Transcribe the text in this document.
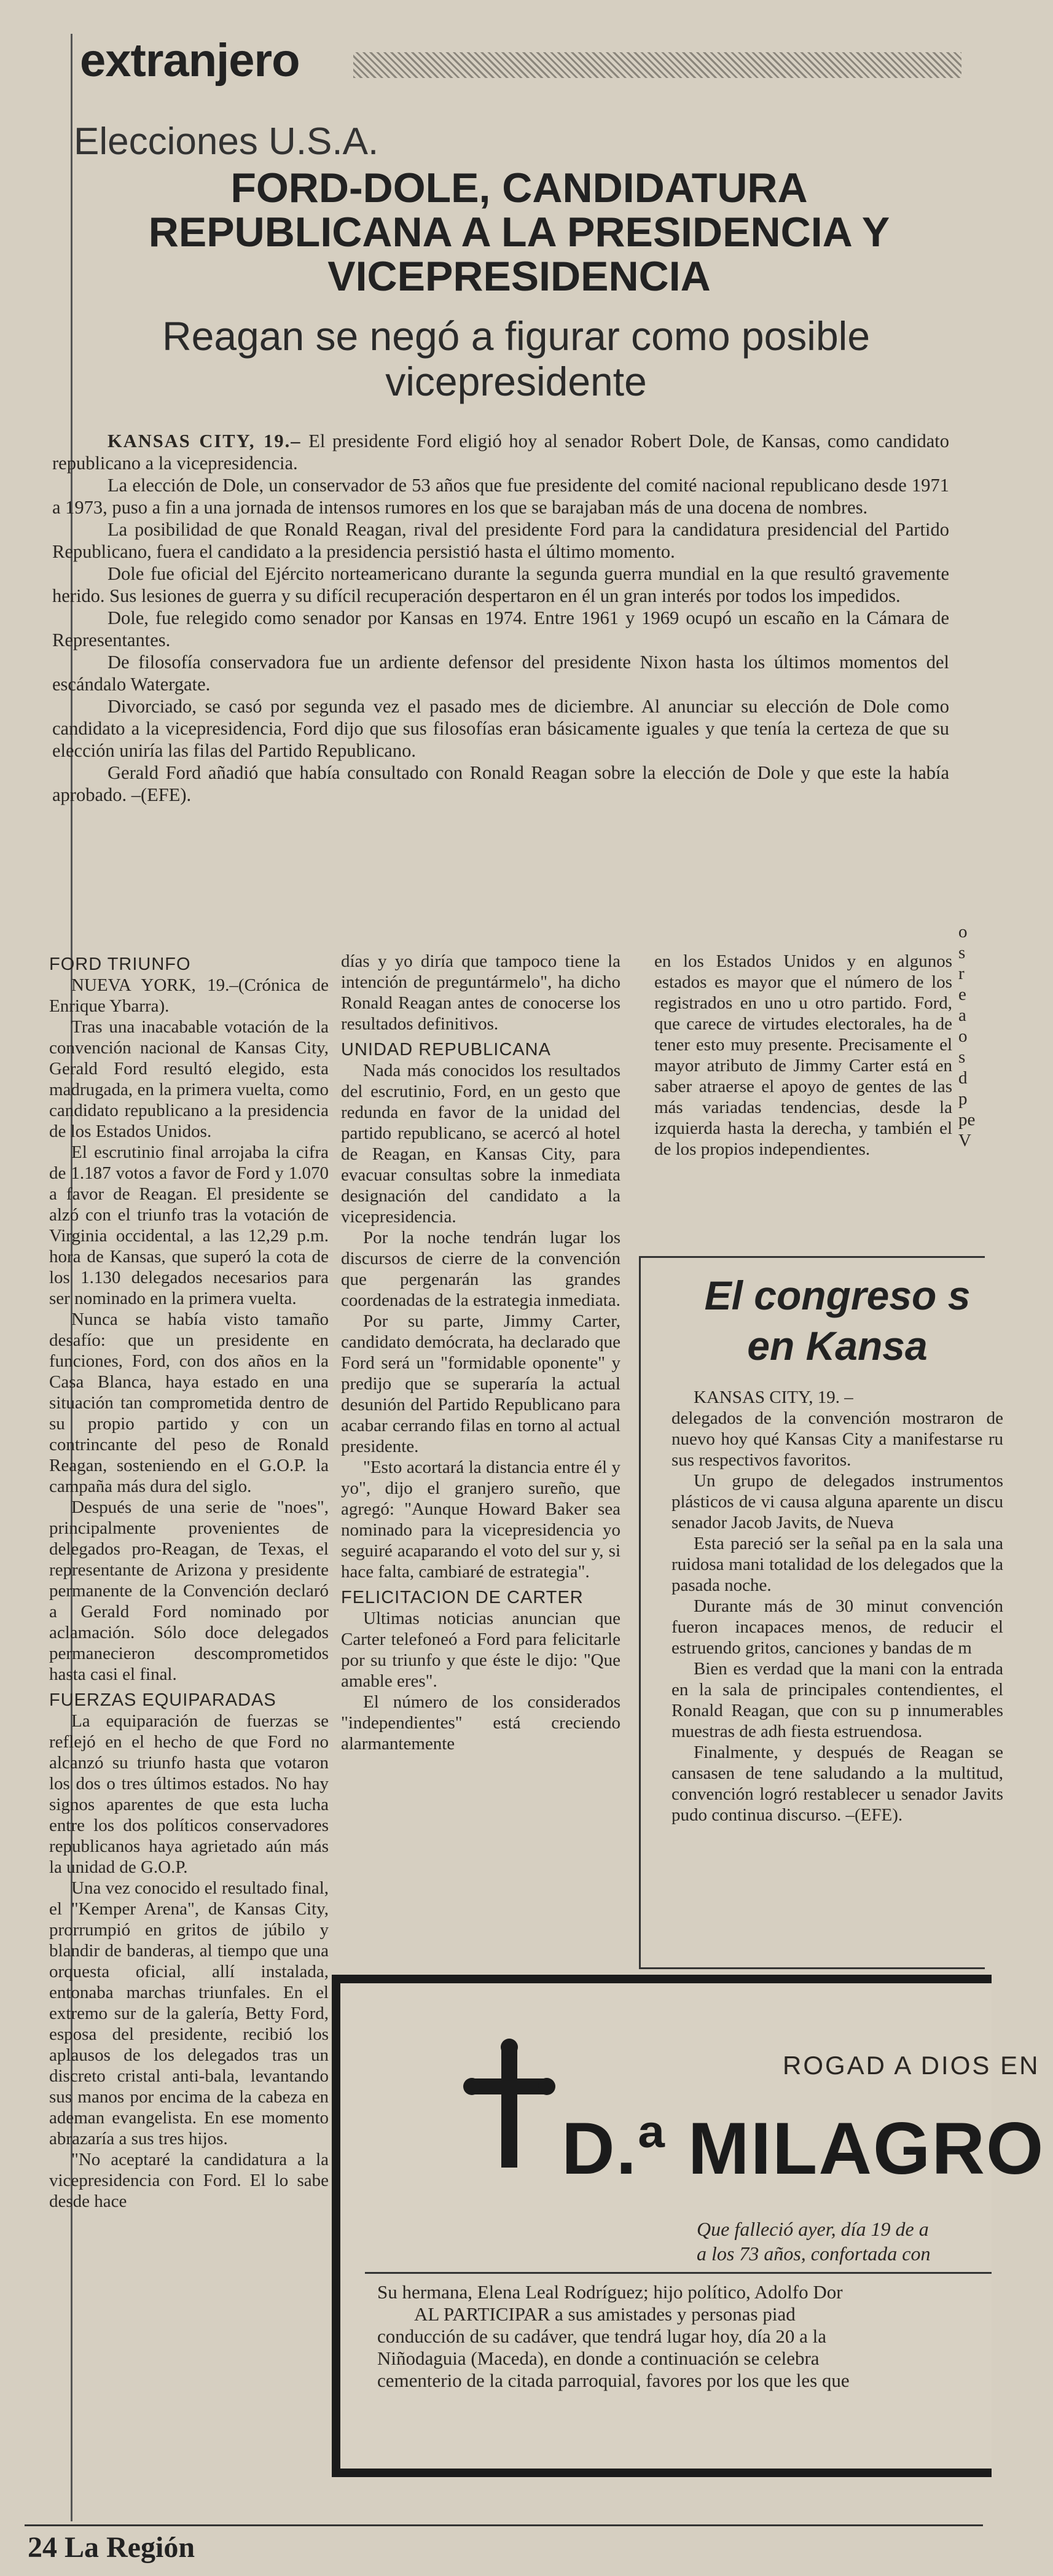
extranjero
Elecciones U.S.A.
FORD-DOLE, CANDIDATURA REPUBLICANA A LA PRESIDENCIA Y VICEPRESIDENCIA
Reagan se negó a figurar como posible vicepresidente

KANSAS CITY, 19.– El presidente Ford eligió hoy al senador Robert Dole, de Kansas, como candidato republicano a la vicepresidencia.

La elección de Dole, un conservador de 53 años que fue presidente del comité nacional republicano desde 1971 a 1973, puso a fin a una jornada de intensos rumores en los que se barajaban más de una docena de nombres.

La posibilidad de que Ronald Reagan, rival del presidente Ford para la candidatura presidencial del Partido Republicano, fuera el candidato a la presidencia persistió hasta el último momento.

Dole fue oficial del Ejército norteamericano durante la segunda guerra mundial en la que resultó gravemente herido. Sus lesiones de guerra y su difícil recuperación despertaron en él un gran interés por todos los impedidos.

Dole, fue relegido como senador por Kansas en 1974. Entre 1961 y 1969 ocupó un escaño en la Cámara de Representantes.

De filosofía conservadora fue un ardiente defensor del presidente Nixon hasta los últimos momentos del escándalo Watergate.

Divorciado, se casó por segunda vez el pasado mes de diciembre. Al anunciar su elección de Dole como candidato a la vicepresidencia, Ford dijo que sus filosofías eran básicamente iguales y que tenía la certeza de que su elección uniría las filas del Partido Republicano.

Gerald Ford añadió que había consultado con Ronald Reagan sobre la elección de Dole y que este la había aprobado. –(EFE).

FORD TRIUNFO

NUEVA YORK, 19.–(Crónica de Enrique Ybarra).

Tras una inacabable votación de la convención nacional de Kansas City, Gerald Ford resultó elegido, esta madrugada, en la primera vuelta, como candidato republicano a la presidencia de los Estados Unidos.

El escrutinio final arrojaba la cifra de 1.187 votos a favor de Ford y 1.070 a favor de Reagan. El presidente se alzó con el triunfo tras la votación de Virginia occidental, a las 12,29 p.m. hora de Kansas, que superó la cota de los 1.130 delegados necesarios para ser nominado en la primera vuelta.

Nunca se había visto tamaño desafío: que un presidente en funciones, Ford, con dos años en la Casa Blanca, haya estado en una situación tan comprometida dentro de su propio partido y con un contrincante del peso de Ronald Reagan, sosteniendo en el G.O.P. la campaña más dura del siglo.

Después de una serie de "noes", principalmente provenientes de delegados pro-Reagan, de Texas, el representante de Arizona y presidente permanente de la Convención declaró a Gerald Ford nominado por aclamación. Sólo doce delegados permanecieron descomprometidos hasta casi el final.

FUERZAS EQUIPARADAS

La equiparación de fuerzas se reflejó en el hecho de que Ford no alcanzó su triunfo hasta que votaron los dos o tres últimos estados. No hay signos aparentes de que esta lucha entre los dos políticos conservadores republicanos haya agrietado aún más la unidad de G.O.P.

Una vez conocido el resultado final, el "Kemper Arena", de Kansas City, prorrumpió en gritos de júbilo y blandir de banderas, al tiempo que una orquesta oficial, allí instalada, entonaba marchas triunfales. En el extremo sur de la galería, Betty Ford, esposa del presidente, recibió los aplausos de los delegados tras un discreto cristal anti-bala, levantando sus manos por encima de la cabeza en ademan evangelista. En ese momento abrazaría a sus tres hijos.

"No aceptaré la candidatura a la vicepresidencia con Ford. El lo sabe desde hace

días y yo diría que tampoco tiene la intención de preguntármelo", ha dicho Ronald Reagan antes de conocerse los resultados definitivos.

UNIDAD REPUBLICANA

Nada más conocidos los resultados del escrutinio, Ford, en un gesto que redunda en favor de la unidad del partido republicano, se acercó al hotel de Reagan, en Kansas City, para evacuar consultas sobre la inmediata designación del candidato a la vicepresidencia.

Por la noche tendrán lugar los discursos de cierre de la convención que pergenarán las grandes coordenadas de la estrategia inmediata.

Por su parte, Jimmy Carter, candidato demócrata, ha declarado que Ford será un "formidable oponente" y predijo que se superaría la actual desunión del Partido Republicano para acabar cerrando filas en torno al actual presidente.

"Esto acortará la distancia entre él y yo", dijo el granjero sureño, que agregó: "Aunque Howard Baker sea nominado para la vicepresidencia yo seguiré acaparando el voto del sur y, si hace falta, cambiaré de estrategia".

FELICITACION DE CARTER

Ultimas noticias anuncian que Carter telefoneó a Ford para felicitarle por su triunfo y que éste le dijo: "Que amable eres".

El número de los considerados "independientes" está creciendo alarmantemente

en los Estados Unidos y en algunos estados es mayor que el número de los registrados en uno u otro partido. Ford, que carece de virtudes electorales, ha de tener esto muy presente. Precisamente el mayor atributo de Jimmy Carter está en saber atraerse el apoyo de gentes de las más variadas tendencias, desde la izquierda hasta la derecha, y también el de los propios independientes.

o
s
r
e
a
o
s
d
p
pe
V
El congreso s
en Kansa

KANSAS CITY, 19. –

delegados de la convención mostraron de nuevo hoy qué Kansas City a manifestarse ru sus respectivos favoritos.

Un grupo de delegados instrumentos plásticos de vi causa alguna aparente un discu senador Jacob Javits, de Nueva

Esta pareció ser la señal pa en la sala una ruidosa mani totalidad de los delegados que la pasada noche.

Durante más de 30 minut convención fueron incapaces menos, de reducir el estruendo gritos, canciones y bandas de m

Bien es verdad que la mani con la entrada en la sala de principales contendientes, el Ronald Reagan, que con su p innumerables muestras de adh fiesta estruendosa.

Finalmente, y después de Reagan se cansasen de tene saludando a la multitud, convención logró restablecer u senador Javits pudo continua discurso. –(EFE).

ROGAD A DIOS EN
D.ª MILAGRO
Que falleció ayer, día 19 de a
a los 73 años, confortada con

Su hermana, Elena Leal Rodríguez; hijo político, Adolfo Dor

AL PARTICIPAR a sus amistades y personas piad

conducción de su cadáver, que tendrá lugar hoy, día 20 a la

Niñodaguia (Maceda), en donde a continuación se celebra

cementerio de la citada parroquial, favores por los que les que

24 La Región
